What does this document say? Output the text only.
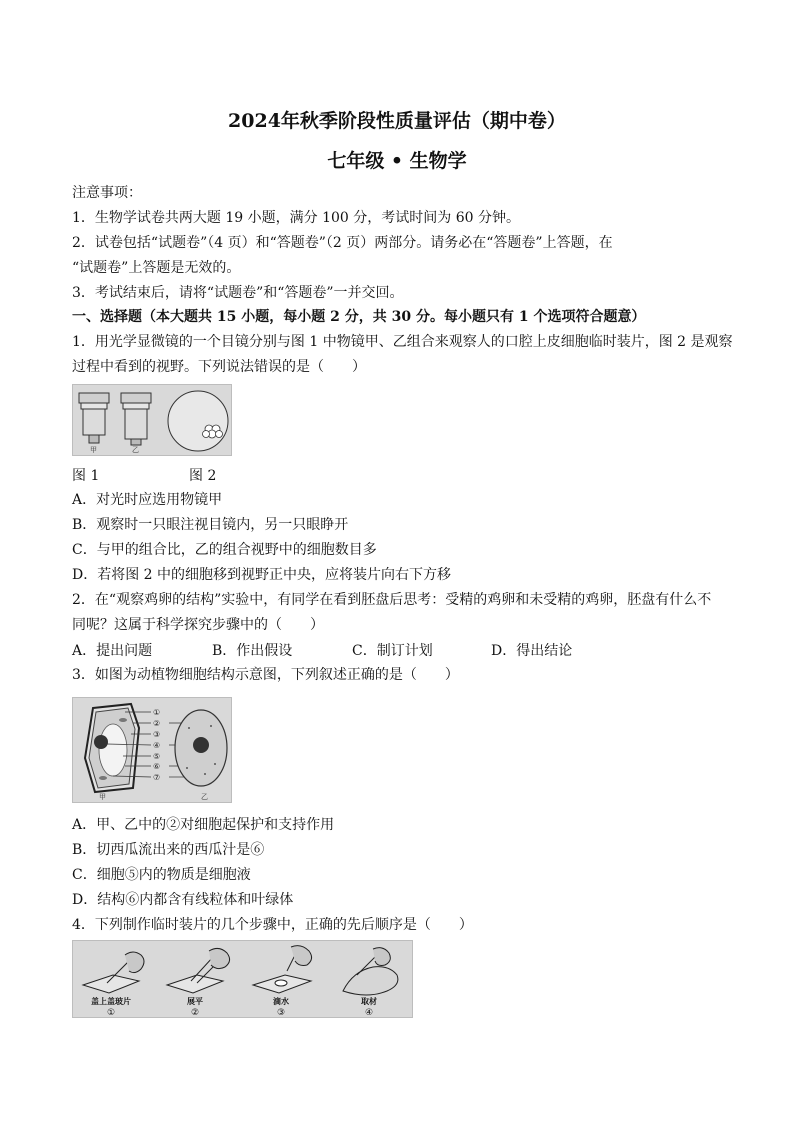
2024年秋季阶段性质量评估（期中卷）
七年级 • 生物学
注意事项：
1．生物学试卷共两大题 19 小题，满分 100 分，考试时间为 60 分钟。
2．试卷包括“试题卷”（4 页）和“答题卷”（2 页）两部分。请务必在“答题卷”上答题，在
“试题卷”上答题是无效的。
3．考试结束后，请将“试题卷”和“答题卷”一并交回。
一、选择题（本大题共 15 小题，每小题 2 分，共 30 分。每小题只有 1 个选项符合题意）
1．用光学显微镜的一个目镜分别与图 1 中物镜甲、乙组合来观察人的口腔上皮细胞临时装片，图 2 是观察
过程中看到的视野。下列说法错误的是（　　）
甲	乙
图 1	图 2
A．对光时应选用物镜甲
B．观察时一只眼注视目镜内，另一只眼睁开
C．与甲的组合比，乙的组合视野中的细胞数目多
D．若将图 2 中的细胞移到视野正中央，应将装片向右下方移
2．在“观察鸡卵的结构”实验中，有同学在看到胚盘后思考：受精的鸡卵和未受精的鸡卵，胚盘有什么不
同呢？这属于科学探究步骤中的（　　）
A．提出问题	B．作出假设	C．制订计划	D．得出结论
3．如图为动植物细胞结构示意图，下列叙述正确的是（　　）
①
②
③
④
⑤
⑥
⑦
甲	乙
A．甲、乙中的②对细胞起保护和支持作用
B．切西瓜流出来的西瓜汁是⑥
C．细胞⑤内的物质是细胞液
D．结构⑥内都含有线粒体和叶绿体
4．下列制作临时装片的几个步骤中，正确的先后顺序是（　　）
盖上盖玻片	展平	滴水	取材
①	②	③	④
